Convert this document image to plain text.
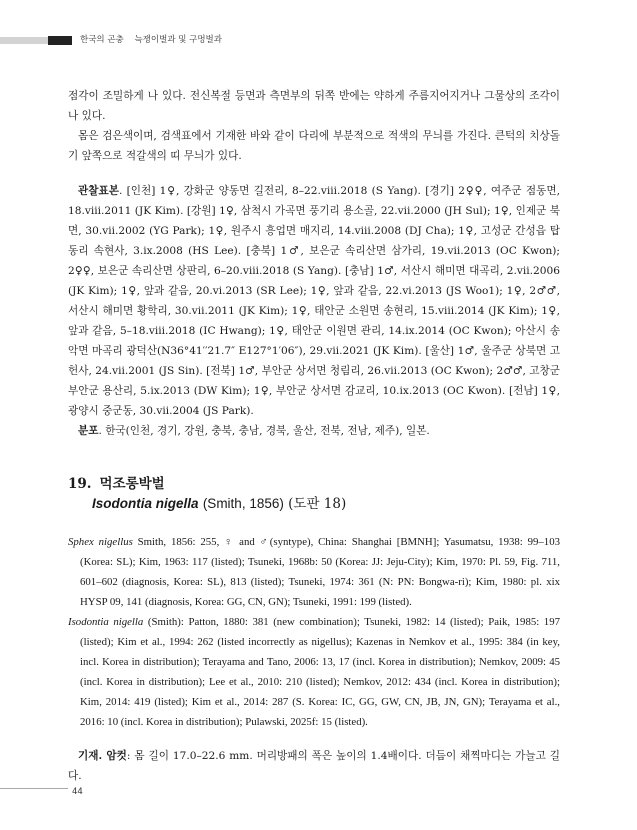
한국의 곤충 늑쟁이벌과 및 구멍벌과

점각이 조밀하게 나 있다. 전신복절 등면과 측면부의 뒤쪽 반에는 약하게 주름지어지거나 그물상의 조각이 나 있다.

몸은 검은색이며, 검색표에서 기재한 바와 같이 다리에 부분적으로 적색의 무늬를 가진다. 큰턱의 치상돌기 앞쪽으로 적갈색의 띠 무늬가 있다.

관찰표본. [인천] 1♀, 강화군 양동면 길전리, 8–22.viii.2018 (S Yang). [경기] 2♀♀, 여주군 점동면, 18.viii.2011 (JK Kim). [강원] 1♀, 삼척시 가곡면 풍기리 용소골, 22.vii.2000 (JH Sul); 1♀, 인제군 북면, 30.vii.2002 (YG Park); 1♀, 원주시 흥업면 매지리, 14.viii.2008 (DJ Cha); 1♀, 고성군 간성읍 탑동리 속현사, 3.ix.2008 (HS Lee). [충북] 1♂, 보은군 속리산면 삼가리, 19.vii.2013 (OC Kwon); 2♀♀, 보은군 속리산면 상판리, 6–20.viii.2018 (S Yang). [충남] 1♂, 서산시 해미면 대곡리, 2.vii.2006 (JK Kim); 1♀, 앞과 같음, 20.vi.2013 (SR Lee); 1♀, 앞과 같음, 22.vi.2013 (JS Woo1); 1♀, 2♂♂, 서산시 해미면 황학리, 30.vii.2011 (JK Kim); 1♀, 태안군 소원면 송현리, 15.viii.2014 (JK Kim); 1♀, 앞과 같음, 5–18.viii.2018 (IC Hwang); 1♀, 태안군 이원면 관리, 14.ix.2014 (OC Kwon); 아산시 송악면 마곡리 광덕산(N36°41′′21.7″ E127°1′06″), 29.vii.2021 (JK Kim). [울산] 1♂, 울주군 상북면 고헌사, 24.vii.2001 (JS Sin). [전북] 1♂, 부안군 상서면 청림리, 26.vii.2013 (OC Kwon); 2♂♂, 고창군 부안군 용산리, 5.ix.2013 (DW Kim); 1♀, 부안군 상서면 감교리, 10.ix.2013 (OC Kwon). [전남] 1♀, 광양시 중군동, 30.vii.2004 (JS Park).

분포. 한국(인천, 경기, 강원, 충북, 충남, 경북, 울산, 전북, 전남, 제주), 일본.

19. 먹조롱박벌
Isodontia nigella (Smith, 1856) (도판 18)

Sphex nigellus Smith, 1856: 255, ♀ and ♂(syntype), China: Shanghai [BMNH]; Yasumatsu, 1938: 99–103 (Korea: SL); Kim, 1963: 117 (listed); Tsuneki, 1968b: 50 (Korea: JJ: Jeju-City); Kim, 1970: Pl. 59, Fig. 711, 601–602 (diagnosis, Korea: SL), 813 (listed); Tsuneki, 1974: 361 (N: PN: Bongwa-ri); Kim, 1980: pl. xix HYSP 09, 141 (diagnosis, Korea: GG, CN, GN); Tsuneki, 1991: 199 (listed).

Isodontia nigella (Smith): Patton, 1880: 381 (new combination); Tsuneki, 1982: 14 (listed); Paik, 1985: 197 (listed); Kim et al., 1994: 262 (listed incorrectly as nigellus); Kazenas in Nemkov et al., 1995: 384 (in key, incl. Korea in distribution); Terayama and Tano, 2006: 13, 17 (incl. Korea in distribution); Nemkov, 2009: 45 (incl. Korea in distribution); Lee et al., 2010: 210 (listed); Nemkov, 2012: 434 (incl. Korea in distribution); Kim, 2014: 419 (listed); Kim et al., 2014: 287 (S. Korea: IC, GG, GW, CN, JB, JN, GN); Terayama et al., 2016: 10 (incl. Korea in distribution); Pulawski, 2025f: 15 (listed).

기재. 암컷: 몸 길이 17.0–22.6 mm. 머리방패의 폭은 높이의 1.4배이다. 더듬이 채찍마디는 가늘고 길다.

44
